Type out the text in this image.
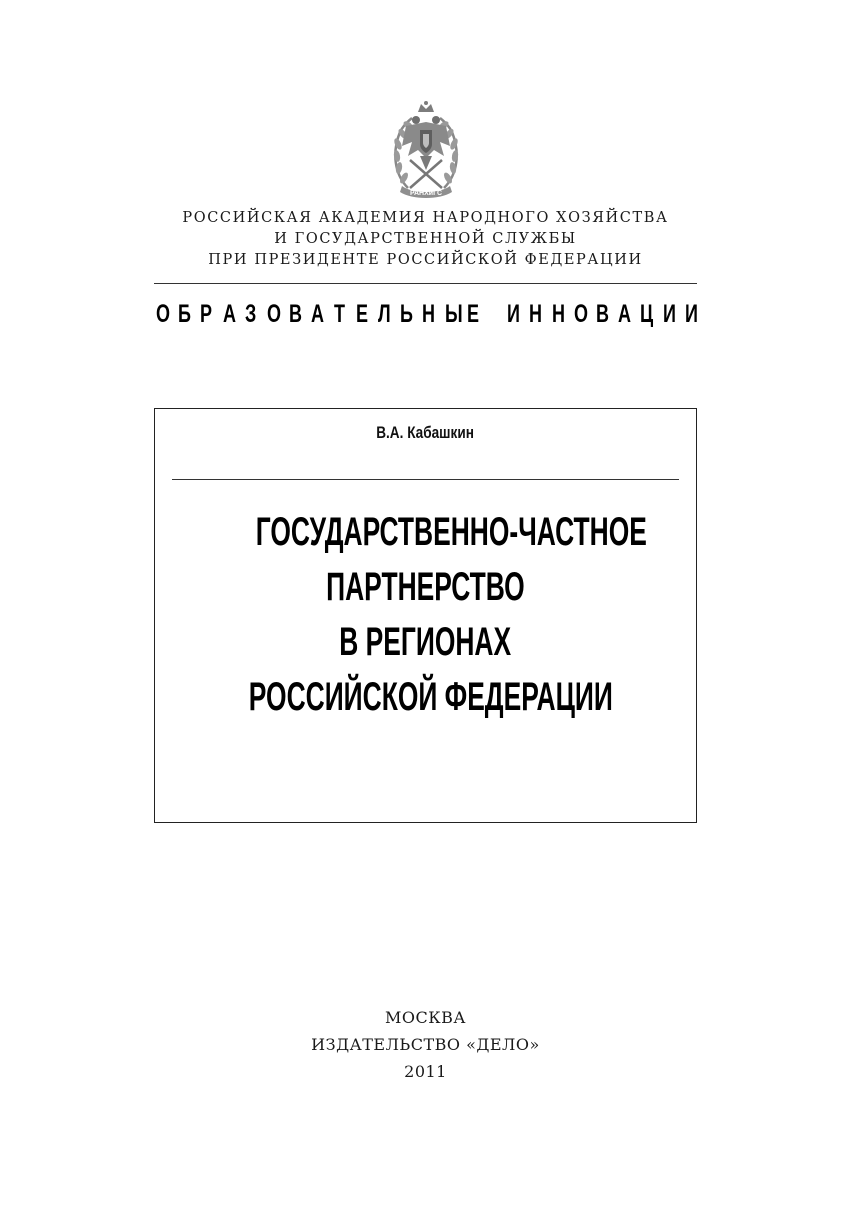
РАНХиГС
РОССИЙСКАЯ АКАДЕМИЯ НАРОДНОГО ХОЗЯЙСТВА
И ГОСУДАРСТВЕННОЙ СЛУЖБЫ
ПРИ ПРЕЗИДЕНТЕ РОССИЙСКОЙ ФЕДЕРАЦИИ
О Б Р А З О В А Т Е Л Ь Н Ы Е
И Н Н О В А Ц И И
В.А. Кабашкин
ГОСУДАРСТВЕННО-ЧАСТНОЕ
ПАРТНЕРСТВО
В РЕГИОНАХ
РОССИЙСКОЙ ФЕДЕРАЦИИ
МОСКВА
ИЗДАТЕЛЬСТВО «ДЕЛО»
2011
